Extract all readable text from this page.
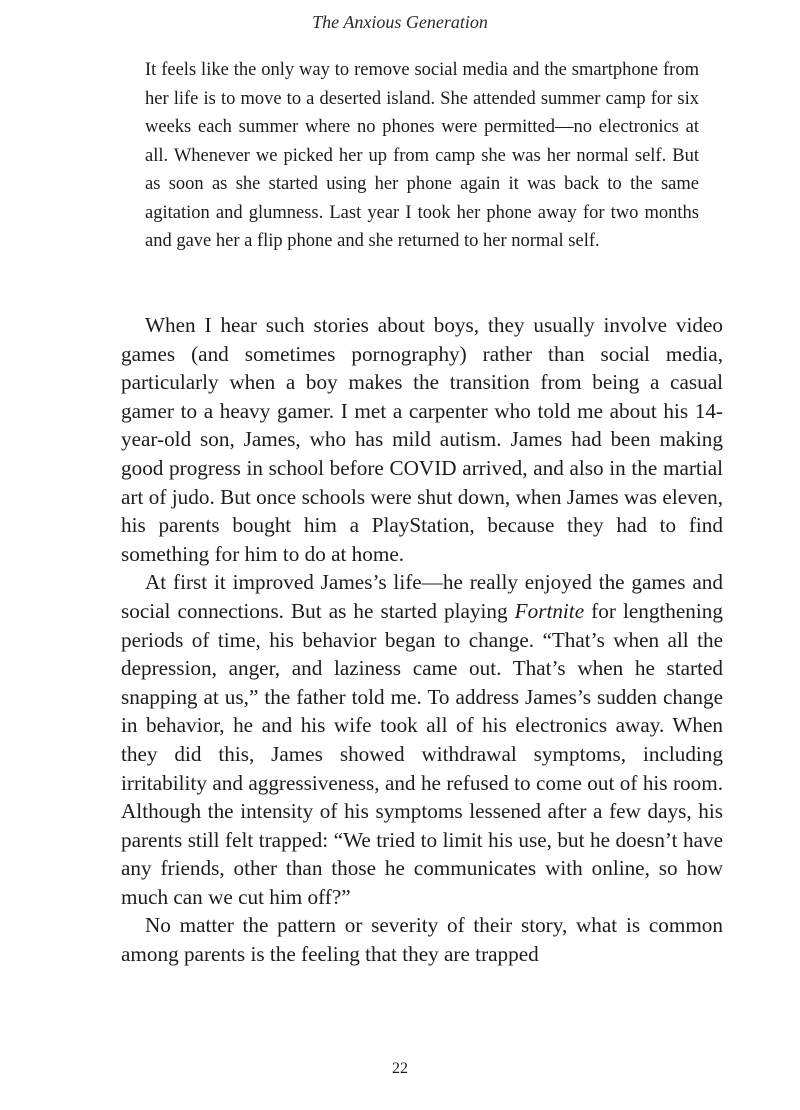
The Anxious Generation

It feels like the only way to remove social media and the smartphone from her life is to move to a deserted island. She attended summer camp for six weeks each summer where no phones were permitted—no electronics at all. Whenever we picked her up from camp she was her normal self. But as soon as she started using her phone again it was back to the same agitation and glumness. Last year I took her phone away for two months and gave her a flip phone and she returned to her normal self.

When I hear such stories about boys, they usually involve video games (and sometimes pornography) rather than social media, particularly when a boy makes the transition from being a casual gamer to a heavy gamer. I met a carpenter who told me about his 14-year-old son, James, who has mild autism. James had been making good progress in school before COVID arrived, and also in the martial art of judo. But once schools were shut down, when James was eleven, his parents bought him a PlayStation, because they had to find something for him to do at home.

At first it improved James’s life—he really enjoyed the games and social connections. But as he started playing Fortnite for lengthening periods of time, his behavior began to change. “That’s when all the depression, anger, and laziness came out. That’s when he started snapping at us,” the father told me. To address James’s sudden change in behavior, he and his wife took all of his electronics away. When they did this, James showed withdrawal symptoms, including irritability and aggressiveness, and he refused to come out of his room. Although the intensity of his symptoms lessened after a few days, his parents still felt trapped: “We tried to limit his use, but he doesn’t have any friends, other than those he communicates with online, so how much can we cut him off?”

No matter the pattern or severity of their story, what is common among parents is the feeling that they are trapped

22
